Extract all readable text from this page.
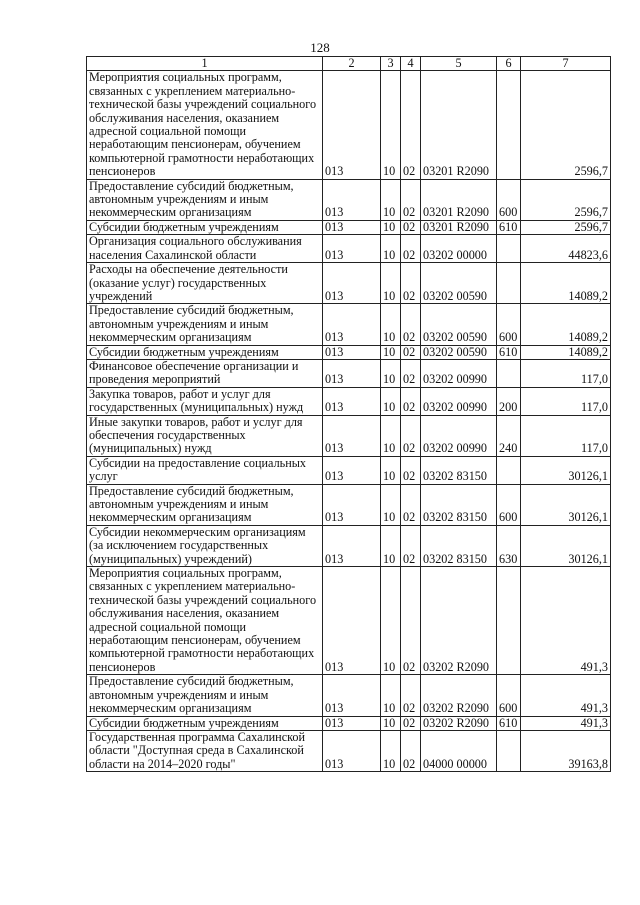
128
1	2	3	4	5	6	7
Мероприятия социальных программ, связанных с укреплением материально-технической базы учреждений социального обслуживания населения, оказанием адресной социальной помощи неработающим пенсионерам, обучением компьютерной грамотности неработающих пенсионеров	013	10	02	03201 R2090		2596,7
Предоставление субсидий бюджетным, автономным учреждениям и иным некоммерческим организациям	013	10	02	03201 R2090	600	2596,7
Субсидии бюджетным учреждениям	013	10	02	03201 R2090	610	2596,7
Организация социального обслуживания населения Сахалинской области	013	10	02	03202 00000		44823,6
Расходы на обеспечение деятельности (оказание услуг) государственных учреждений	013	10	02	03202 00590		14089,2
Предоставление субсидий бюджетным, автономным учреждениям и иным некоммерческим организациям	013	10	02	03202 00590	600	14089,2
Субсидии бюджетным учреждениям	013	10	02	03202 00590	610	14089,2
Финансовое обеспечение организации и проведения мероприятий	013	10	02	03202 00990		117,0
Закупка товаров, работ и услуг для государственных (муниципальных) нужд	013	10	02	03202 00990	200	117,0
Иные закупки товаров, работ и услуг для обеспечения государственных (муниципальных) нужд	013	10	02	03202 00990	240	117,0
Субсидии на предоставление социальных услуг	013	10	02	03202 83150		30126,1
Предоставление субсидий бюджетным, автономным учреждениям и иным некоммерческим организациям	013	10	02	03202 83150	600	30126,1
Субсидии некоммерческим организациям (за исключением государственных (муниципальных) учреждений)	013	10	02	03202 83150	630	30126,1
Мероприятия социальных программ, связанных с укреплением материально-технической базы учреждений социального обслуживания населения, оказанием адресной социальной помощи неработающим пенсионерам, обучением компьютерной грамотности неработающих пенсионеров	013	10	02	03202 R2090		491,3
Предоставление субсидий бюджетным, автономным учреждениям и иным некоммерческим организациям	013	10	02	03202 R2090	600	491,3
Субсидии бюджетным учреждениям	013	10	02	03202 R2090	610	491,3
Государственная программа Сахалинской области "Доступная среда в Сахалинской области на 2014–2020 годы"	013	10	02	04000 00000		39163,8
